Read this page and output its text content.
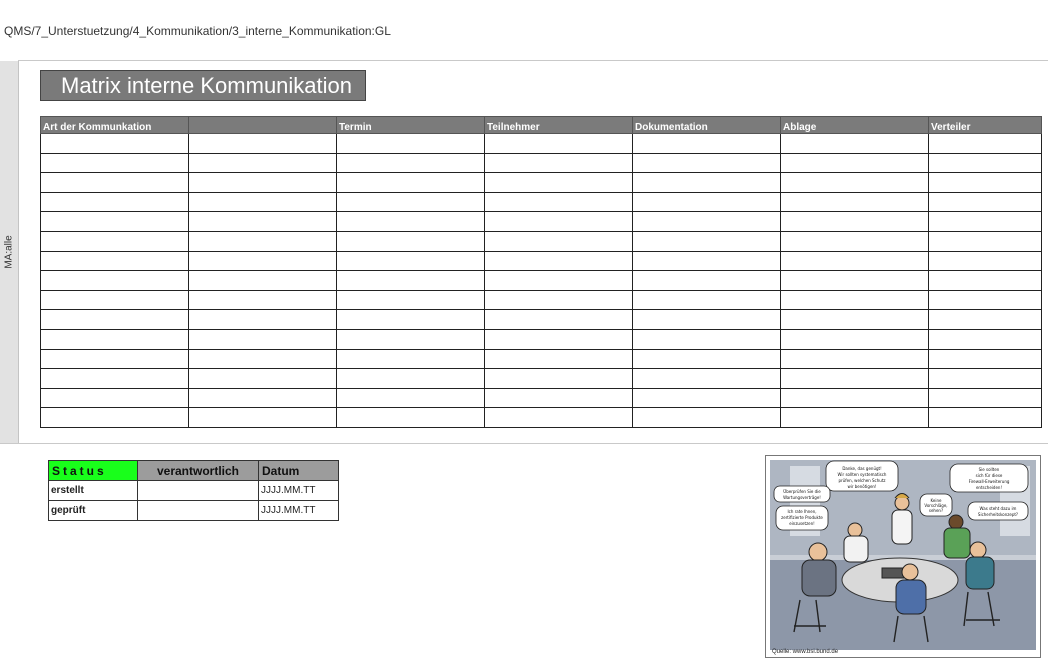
QMS/7_Unterstuetzung/4_Kommunikation/3_interne_Kommunikation:GL
MA:alle
Matrix interne Kommunikation
Art der Kommunkation		Termin	Teilnehmer	Dokumentation	Ablage	Verteiler

Status	verantwortlich	Datum
erstellt		JJJJ.MM.TT
geprüft		JJJJ.MM.TT
Danke, das genügt!
Wir sollten systematisch
prüfen, welchen Schutz
wir benötigen!
Überprüfen Sie die
Wartungsverträge!
Ich rate Ihnen,
zertifizierte Produkte
einzusetzen!
Keine
Vorschläge,
sehen?
Sie sollten
sich für diese
Firewall-Erweiterung
entscheiden!
Was steht dazu im
Sicherheitskonzept?
Quelle: www.bsi.bund.de
